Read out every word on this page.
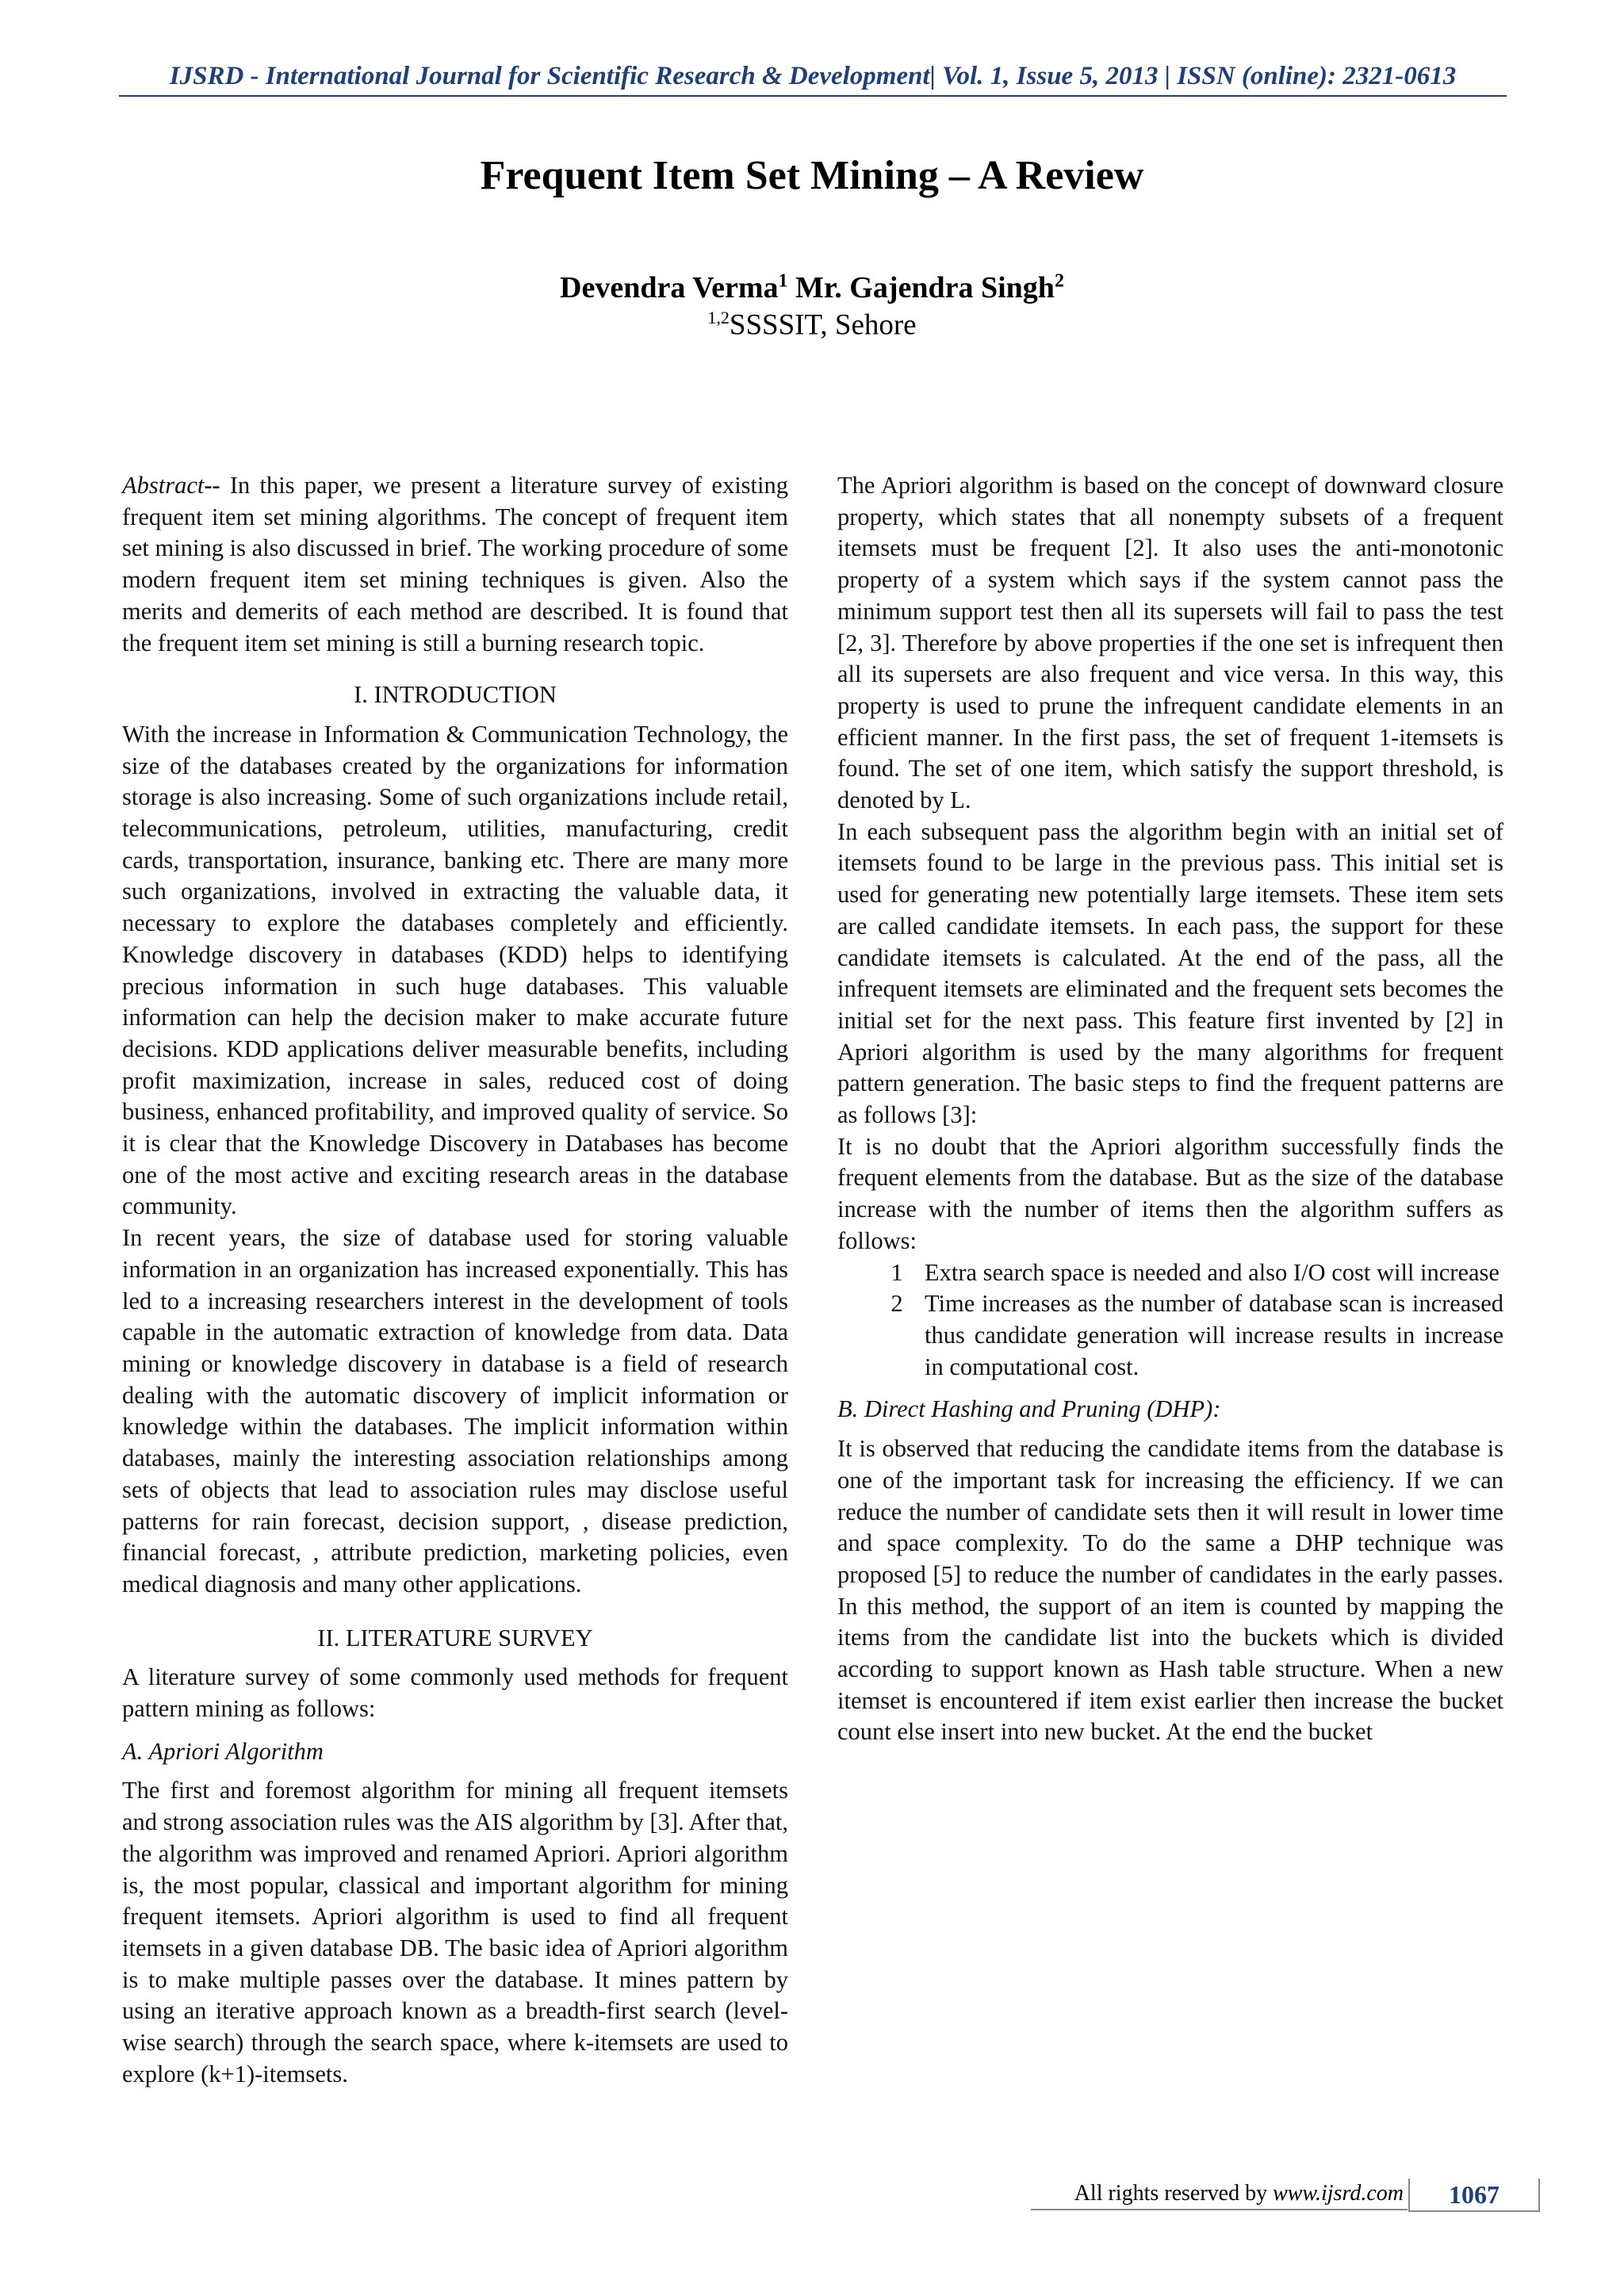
IJSRD - International Journal for Scientific Research & Development| Vol. 1, Issue 5, 2013 | ISSN (online): 2321-0613
Frequent Item Set Mining – A Review
Devendra Verma$^1$ Mr. Gajendra Singh$^2$
$^{1,2}$SSSSIT, Sehore

Abstract-- In this paper, we present a literature survey of existing frequent item set mining algorithms. The concept of frequent item set mining is also discussed in brief. The working procedure of some modern frequent item set mining techniques is given. Also the merits and demerits of each method are described. It is found that the frequent item set mining is still a burning research topic.

I. INTRODUCTION

With the increase in Information & Communication Technology, the size of the databases created by the organizations for information storage is also increasing. Some of such organizations include retail, telecommunications, petroleum, utilities, manufacturing, credit cards, transportation, insurance, banking etc. There are many more such organizations, involved in extracting the valuable data, it necessary to explore the databases completely and efficiently. Knowledge discovery in databases (KDD) helps to identifying precious information in such huge databases. This valuable information can help the decision maker to make accurate future decisions. KDD applications deliver measurable benefits, including profit maximization, increase in sales, reduced cost of doing business, enhanced profitability, and improved quality of service. So it is clear that the Knowledge Discovery in Databases has become one of the most active and exciting research areas in the database community.

In recent years, the size of database used for storing valuable information in an organization has increased exponentially. This has led to a increasing researchers interest in the development of tools capable in the automatic extraction of knowledge from data. Data mining or knowledge discovery in database is a field of research dealing with the automatic discovery of implicit information or knowledge within the databases. The implicit information within databases, mainly the interesting association relationships among sets of objects that lead to association rules may disclose useful patterns for rain forecast, decision support, , disease prediction, financial forecast, , attribute prediction, marketing policies, even medical diagnosis and many other applications.

II. LITERATURE SURVEY

A literature survey of some commonly used methods for frequent pattern mining as follows:

A. Apriori Algorithm

The first and foremost algorithm for mining all frequent itemsets and strong association rules was the AIS algorithm by [3]. After that, the algorithm was improved and renamed Apriori. Apriori algorithm is, the most popular, classical and important algorithm for mining frequent itemsets. Apriori algorithm is used to find all frequent itemsets in a given database DB. The basic idea of Apriori algorithm is to make multiple passes over the database. It mines pattern by using an iterative approach known as a breadth-first search (level-wise search) through the search space, where k-itemsets are used to explore (k+1)-itemsets.

The Apriori algorithm is based on the concept of downward closure property, which states that all nonempty subsets of a frequent itemsets must be frequent [2]. It also uses the anti-monotonic property of a system which says if the system cannot pass the minimum support test then all its supersets will fail to pass the test [2, 3]. Therefore by above properties if the one set is infrequent then all its supersets are also frequent and vice versa. In this way, this property is used to prune the infrequent candidate elements in an efficient manner. In the first pass, the set of frequent 1-itemsets is found. The set of one item, which satisfy the support threshold, is denoted by L.

In each subsequent pass the algorithm begin with an initial set of itemsets found to be large in the previous pass. This initial set is used for generating new potentially large itemsets. These item sets are called candidate itemsets. In each pass, the support for these candidate itemsets is calculated. At the end of the pass, all the infrequent itemsets are eliminated and the frequent sets becomes the initial set for the next pass. This feature first invented by [2] in Apriori algorithm is used by the many algorithms for frequent pattern generation. The basic steps to find the frequent patterns are as follows [3]:

It is no doubt that the Apriori algorithm successfully finds the frequent elements from the database. But as the size of the database increase with the number of items then the algorithm suffers as follows:

1 Extra search space is needed and also I/O cost will increase
2 Time increases as the number of database scan is increased thus candidate generation will increase results in increase in computational cost.
B. Direct Hashing and Pruning (DHP):

It is observed that reducing the candidate items from the database is one of the important task for increasing the efficiency. If we can reduce the number of candidate sets then it will result in lower time and space complexity. To do the same a DHP technique was proposed [5] to reduce the number of candidates in the early passes. In this method, the support of an item is counted by mapping the items from the candidate list into the buckets which is divided according to support known as Hash table structure. When a new itemset is encountered if item exist earlier then increase the bucket count else insert into new bucket. At the end the bucket

All rights reserved by www.ijsrd.com	1067
